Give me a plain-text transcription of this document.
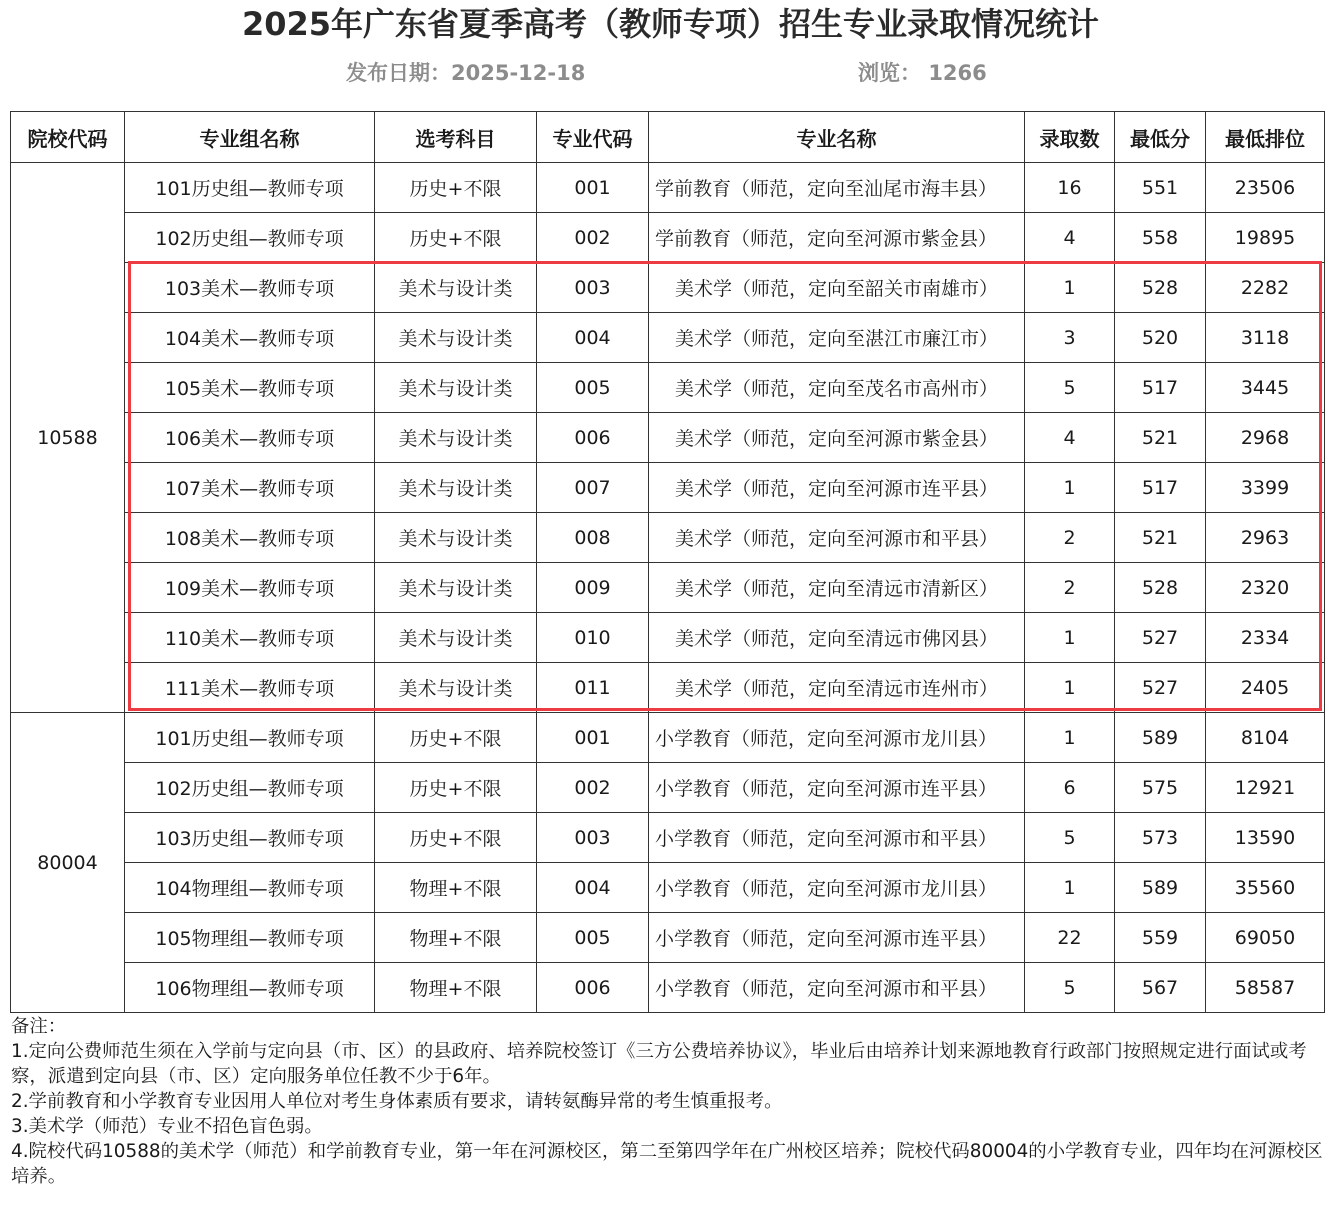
2025年广东省夏季高考（教师专项）招生专业录取情况统计
发布日期：2025-12-18	浏览： 1266
院校代码	专业组名称	选考科目	专业代码	专业名称	录取数	最低分	最低排位
10588	101历史组—教师专项	历史+不限	001	学前教育（师范，定向至汕尾市海丰县）	16	551	23506
	102历史组—教师专项	历史+不限	002	学前教育（师范，定向至河源市紫金县）	4	558	19895
	103美术—教师专项	美术与设计类	003	美术学（师范，定向至韶关市南雄市）	1	528	2282
	104美术—教师专项	美术与设计类	004	美术学（师范，定向至湛江市廉江市）	3	520	3118
	105美术—教师专项	美术与设计类	005	美术学（师范，定向至茂名市高州市）	5	517	3445
	106美术—教师专项	美术与设计类	006	美术学（师范，定向至河源市紫金县）	4	521	2968
	107美术—教师专项	美术与设计类	007	美术学（师范，定向至河源市连平县）	1	517	3399
	108美术—教师专项	美术与设计类	008	美术学（师范，定向至河源市和平县）	2	521	2963
	109美术—教师专项	美术与设计类	009	美术学（师范，定向至清远市清新区）	2	528	2320
	110美术—教师专项	美术与设计类	010	美术学（师范，定向至清远市佛冈县）	1	527	2334
	111美术—教师专项	美术与设计类	011	美术学（师范，定向至清远市连州市）	1	527	2405
80004	101历史组—教师专项	历史+不限	001	小学教育（师范，定向至河源市龙川县）	1	589	8104
	102历史组—教师专项	历史+不限	002	小学教育（师范，定向至河源市连平县）	6	575	12921
	103历史组—教师专项	历史+不限	003	小学教育（师范，定向至河源市和平县）	5	573	13590
	104物理组—教师专项	物理+不限	004	小学教育（师范，定向至河源市龙川县）	1	589	35560
	105物理组—教师专项	物理+不限	005	小学教育（师范，定向至河源市连平县）	22	559	69050
	106物理组—教师专项	物理+不限	006	小学教育（师范，定向至河源市和平县）	5	567	58587

备注：

1.定向公费师范生须在入学前与定向县（市、区）的县政府、培养院校签订《三方公费培养协议》，毕业后由培养计划来源地教育行政部门按照规定进行面试或考察，派遣到定向县（市、区）定向服务单位任教不少于6年。

2.学前教育和小学教育专业因用人单位对考生身体素质有要求，请转氨酶异常的考生慎重报考。

3.美术学（师范）专业不招色盲色弱。

4.院校代码10588的美术学（师范）和学前教育专业，第一年在河源校区，第二至第四学年在广州校区培养；院校代码80004的小学教育专业，四年均在河源校区培养。
